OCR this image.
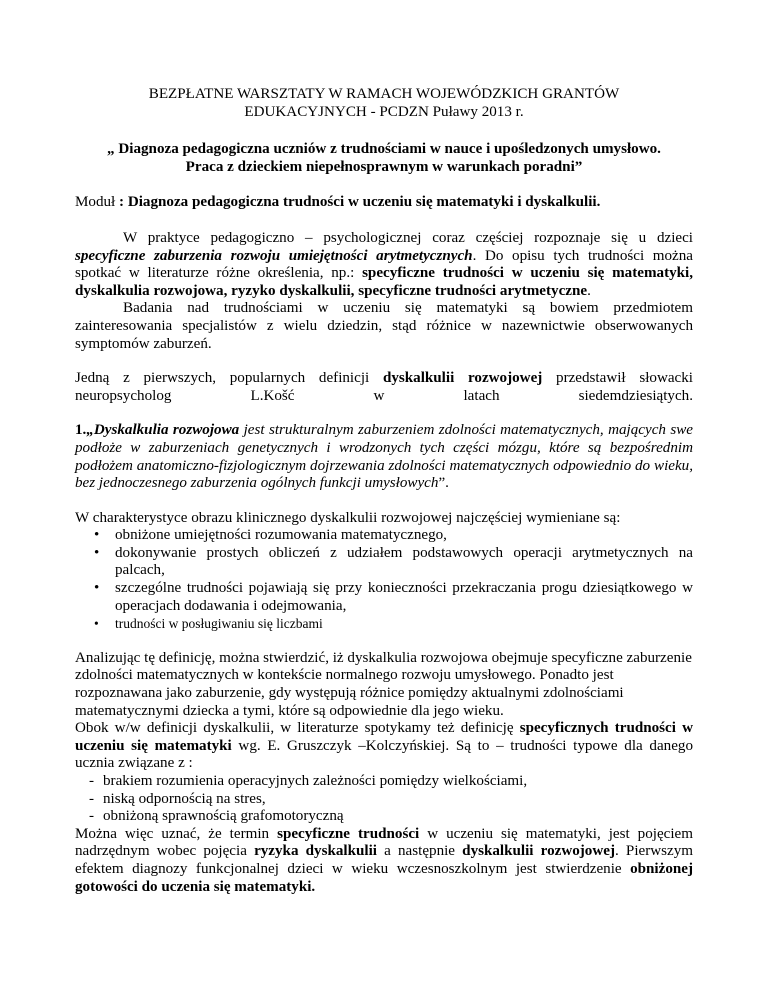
BEZPŁATNE WARSZTATY W RAMACH WOJEWÓDZKICH GRANTÓW
EDUKACYJNYCH - PCDZN Puławy 2013 r.
„ Diagnoza pedagogiczna uczniów z trudnościami w nauce i upośledzonych umysłowo.
Praca z dzieckiem niepełnosprawnym w warunkach poradni”

Moduł : Diagnoza pedagogiczna trudności w uczeniu się matematyki i dyskalkulii.

W praktyce pedagogiczno – psychologicznej coraz częściej rozpoznaje się u dzieci specyficzne zaburzenia rozwoju umiejętności arytmetycznych. Do opisu tych trudności można spotkać w literaturze różne określenia, np.: specyficzne trudności w uczeniu się matematyki, dyskalkulia rozwojowa, ryzyko dyskalkulii, specyficzne trudności arytmetyczne.

Badania nad trudnościami w uczeniu się matematyki są bowiem przedmiotem zainteresowania specjalistów z wielu dziedzin, stąd różnice w nazewnictwie obserwowanych symptomów zaburzeń.

Jedną z pierwszych, popularnych definicji dyskalkulii rozwojowej przedstawił słowacki neuropsycholog L.Košć w latach siedemdziesiątych.

1.„Dyskalkulia rozwojowa jest strukturalnym zaburzeniem zdolności matematycznych, mających swe podłoże w zaburzeniach genetycznych i wrodzonych tych części mózgu, które są bezpośrednim podłożem anatomiczno-fizjologicznym dojrzewania zdolności matematycznych odpowiednio do wieku, bez jednoczesnego zaburzenia ogólnych funkcji umysłowych”.

W charakterystyce obrazu klinicznego dyskalkulii rozwojowej najczęściej wymieniane są:

• obniżone umiejętności rozumowania matematycznego,
• dokonywanie prostych obliczeń z udziałem podstawowych operacji arytmetycznych na palcach,
• szczególne trudności pojawiają się przy konieczności przekraczania progu dziesiątkowego w operacjach dodawania i odejmowania,
• trudności w posługiwaniu się liczbami

Analizując tę definicję, można stwierdzić, iż dyskalkulia rozwojowa obejmuje specyficzne zaburzenie zdolności matematycznych w kontekście normalnego rozwoju umysłowego. Ponadto jest rozpoznawana jako zaburzenie, gdy występują różnice pomiędzy aktualnymi zdolnościami matematycznymi dziecka a tymi, które są odpowiednie dla jego wieku.

Obok w/w definicji dyskalkulii, w literaturze spotykamy też definicję specyficznych trudności w uczeniu się matematyki wg. E. Gruszczyk –Kolczyńskiej. Są to – trudności typowe dla danego ucznia związane z :

- brakiem rozumienia operacyjnych zależności pomiędzy wielkościami,
- niską odpornością na stres,
- obniżoną sprawnością grafomotoryczną

Można więc uznać, że termin specyficzne trudności w uczeniu się matematyki, jest pojęciem nadrzędnym wobec pojęcia ryzyka dyskalkulii a następnie dyskalkulii rozwojowej. Pierwszym efektem diagnozy funkcjonalnej dzieci w wieku wczesnoszkolnym jest stwierdzenie obniżonej gotowości do uczenia się matematyki.
